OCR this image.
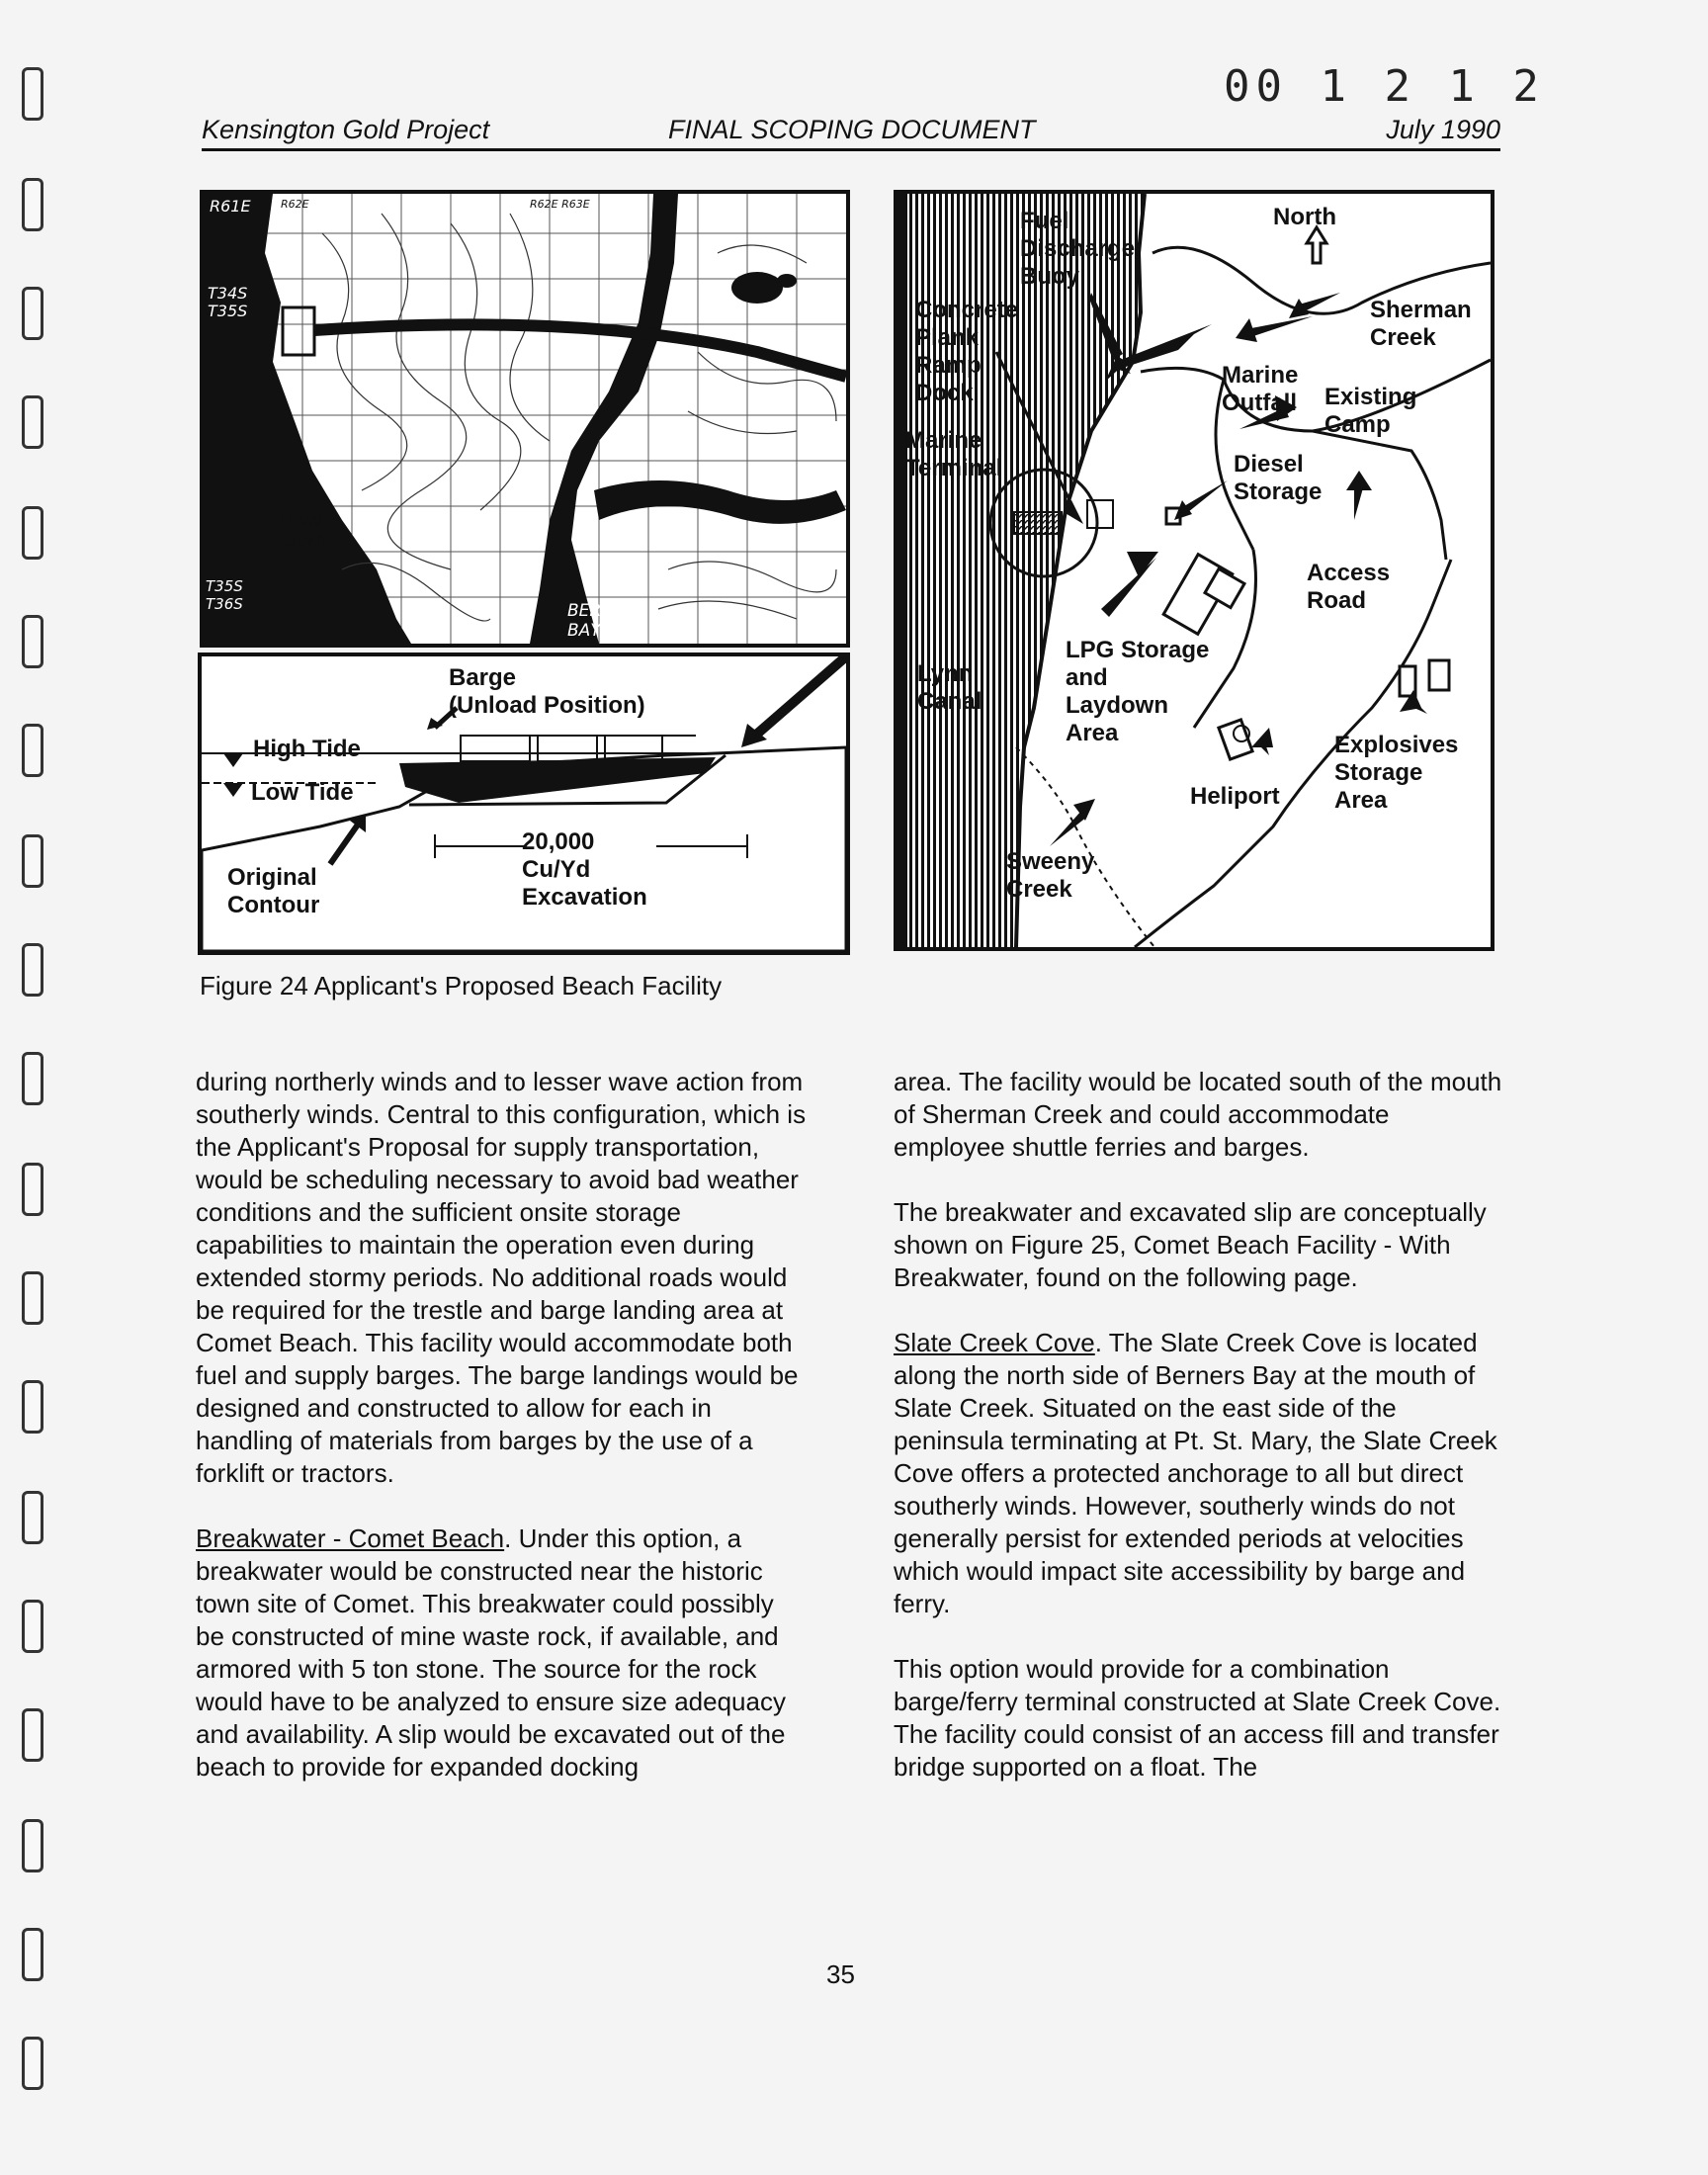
00 1 2 1 2
Kensington Gold Project	FINAL SCOPING DOCUMENT	July 1990
R61E	R62E	R62E R63E
T34S
T35S
T35S
T36S
LYNN
CANAL
BERNERS
BAY
Barge
(Unload Position)
High Tide
Low Tide
Original
Contour
20,000
Cu/Yd
Excavation
Fuel
Discharge
Buoy
North
Sherman
Creek
Concrete
Plank
Ramp
Dock
Marine
Outfall Existing
Camp
Marine
Terminal	Diesel
Storage
Access
Road
LPG Storage
and
Laydown
Area
Lynn
Canal
Explosives
Storage
Area
Heliport
Sweeny
Creek
Figure 24 Applicant's Proposed Beach Facility

during northerly winds and to lesser wave action from southerly winds. Central to this configuration, which is the Applicant's Proposal for supply transportation, would be scheduling necessary to avoid bad weather conditions and the sufficient onsite storage capabilities to maintain the operation even during extended stormy periods. No additional roads would be required for the trestle and barge landing area at Comet Beach. This facility would accommodate both fuel and supply barges. The barge landings would be designed and constructed to allow for each in handling of materials from barges by the use of a forklift or tractors.

Breakwater - Comet Beach. Under this option, a breakwater would be constructed near the historic town site of Comet. This breakwater could possibly be constructed of mine waste rock, if available, and armored with 5 ton stone. The source for the rock would have to be analyzed to ensure size adequacy and availability. A slip would be excavated out of the beach to provide for expanded docking

area. The facility would be located south of the mouth of Sherman Creek and could accommodate employee shuttle ferries and barges.

The breakwater and excavated slip are conceptually shown on Figure 25, Comet Beach Facility - With Breakwater, found on the following page.

Slate Creek Cove. The Slate Creek Cove is located along the north side of Berners Bay at the mouth of Slate Creek. Situated on the east side of the peninsula terminating at Pt. St. Mary, the Slate Creek Cove offers a protected anchorage to all but direct southerly winds. However, southerly winds do not generally persist for extended periods at velocities which would impact site accessibility by barge and ferry.

This option would provide for a combination barge/ferry terminal constructed at Slate Creek Cove. The facility could consist of an access fill and transfer bridge supported on a float. The

35
